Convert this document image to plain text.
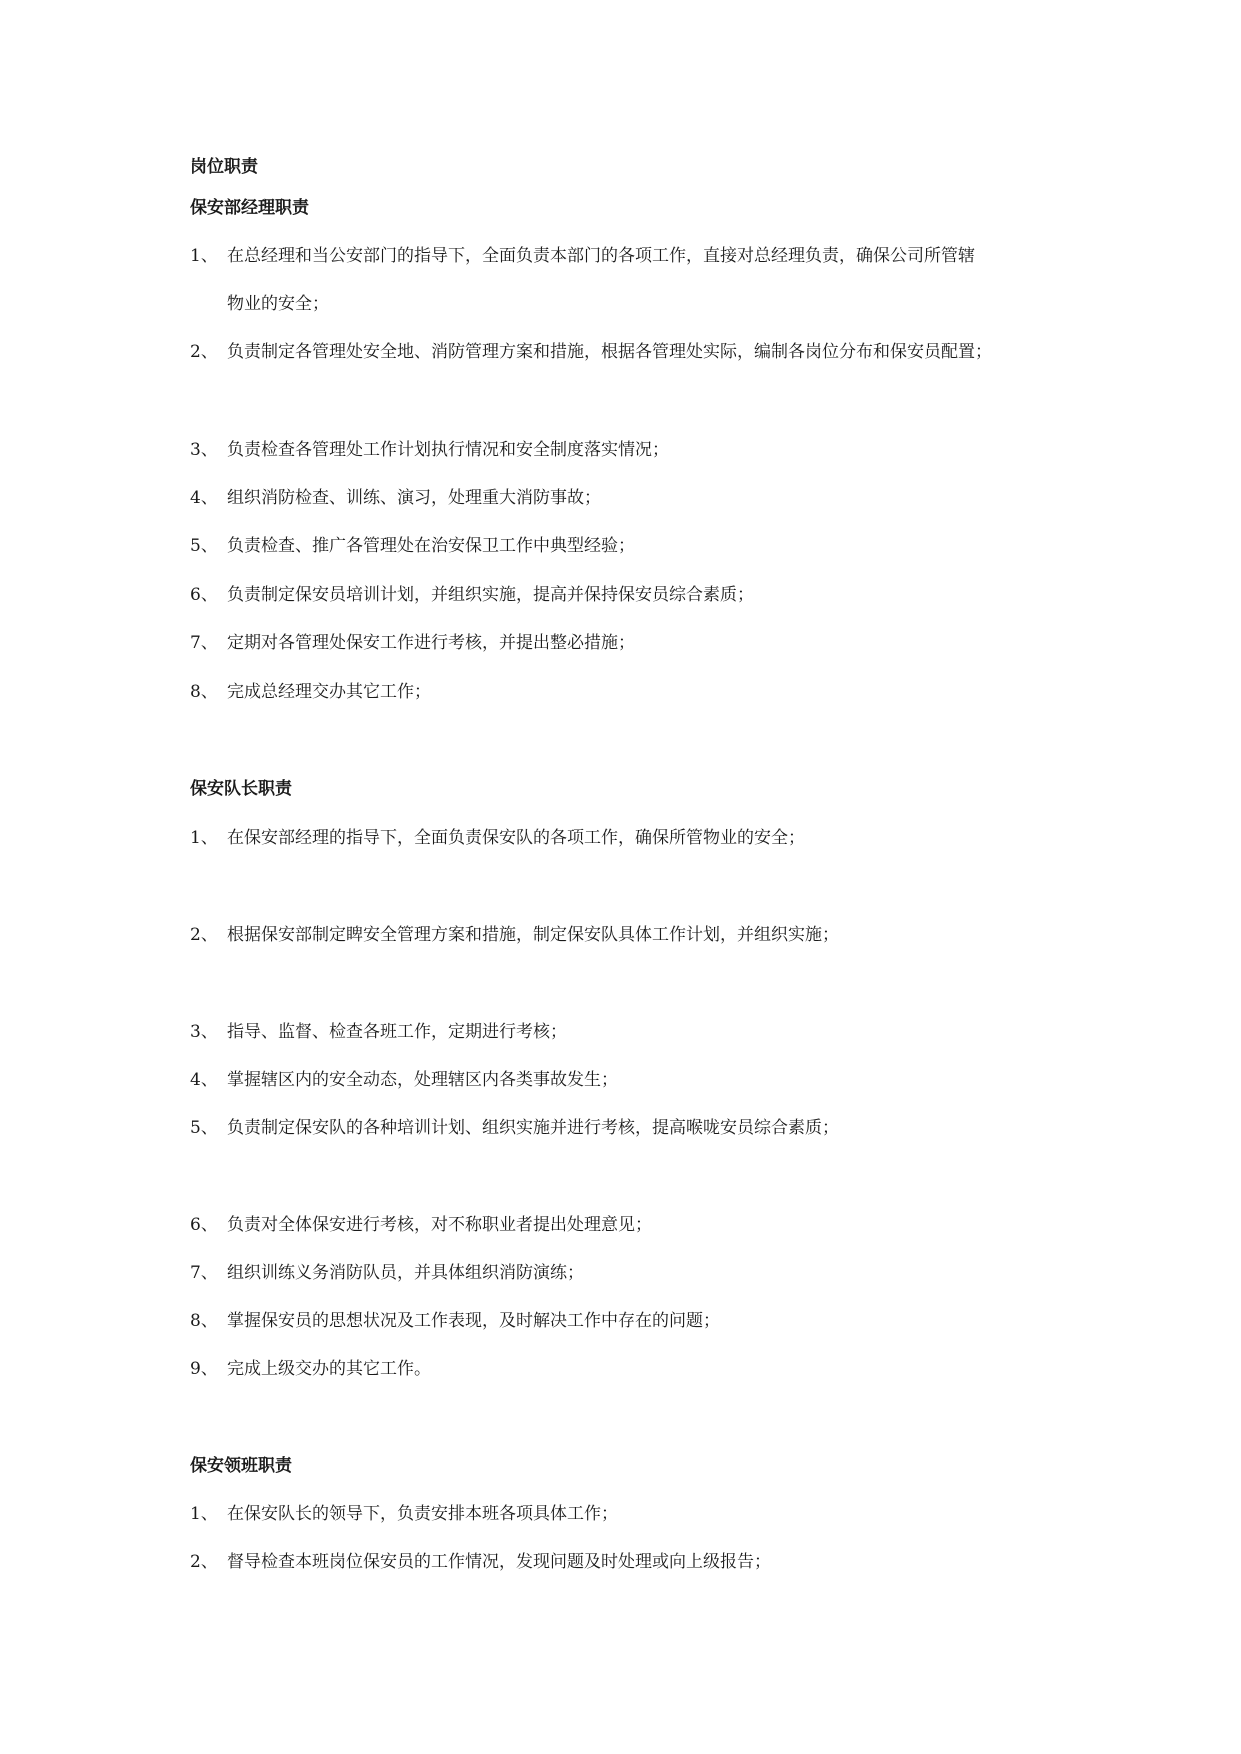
岗位职责
保安部经理职责
1、 在总经理和当公安部门的指导下，全面负责本部门的各项工作，直接对总经理负责，确保公司所管辖
物业的安全；
2、 负责制定各管理处安全地、消防管理方案和措施，根据各管理处实际，编制各岗位分布和保安员配置；
3、 负责检查各管理处工作计划执行情况和安全制度落实情况；
4、 组织消防检查、训练、演习，处理重大消防事故；
5、 负责检查、推广各管理处在治安保卫工作中典型经验；
6、 负责制定保安员培训计划，并组织实施，提高并保持保安员综合素质；
7、 定期对各管理处保安工作进行考核，并提出整必措施；
8、 完成总经理交办其它工作；
保安队长职责
1、 在保安部经理的指导下，全面负责保安队的各项工作，确保所管物业的安全；
2、 根据保安部制定睥安全管理方案和措施，制定保安队具体工作计划，并组织实施；
3、 指导、监督、检查各班工作，定期进行考核；
4、 掌握辖区内的安全动态，处理辖区内各类事故发生；
5、 负责制定保安队的各种培训计划、组织实施并进行考核，提高喉咙安员综合素质；
6、 负责对全体保安进行考核，对不称职业者提出处理意见；
7、 组织训练义务消防队员，并具体组织消防演练；
8、 掌握保安员的思想状况及工作表现，及时解决工作中存在的问题；
9、 完成上级交办的其它工作。
保安领班职责
1、 在保安队长的领导下，负责安排本班各项具体工作；
2、 督导检查本班岗位保安员的工作情况，发现问题及时处理或向上级报告；
